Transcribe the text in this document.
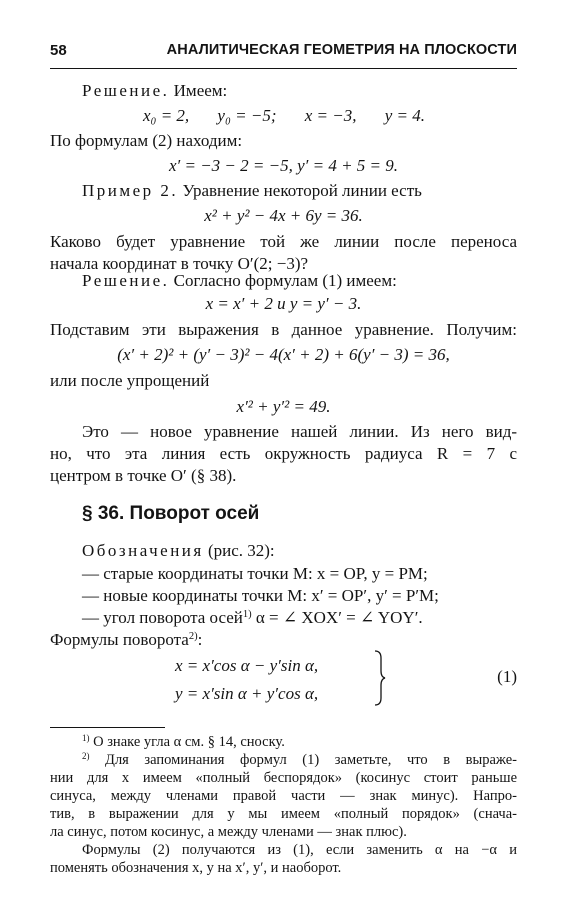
58	АНАЛИТИЧЕСКАЯ ГЕОМЕТРИЯ НА ПЛОСКОСТИ
Решение. Имеем:
x₀ = 2, y₀ = −5; x = −3, y = 4.
По формулам (2) находим:
x′ = −3 − 2 = −5, y′ = 4 + 5 = 9.
Пример 2. Уравнение некоторой линии есть
x² + y² − 4x + 6y = 36.
Каково будет уравнение той же линии после переноса
начала координат в точку O′(2; −3)?
Решение. Согласно формулам (1) имеем:
x = x′ + 2 и y = y′ − 3.
Подставим эти выражения в данное уравнение. Получим:
(x′ + 2)² + (y′ − 3)² − 4(x′ + 2) + 6(y′ − 3) = 36,
или после упрощений
x′² + y′² = 49.
Это — новое уравнение нашей линии. Из него вид-
но, что эта линия есть окружность радиуса R = 7 с
центром в точке O′ (§ 38).
§ 36. Поворот осей
Обозначения (рис. 32):
— старые координаты точки M: x = OP, y = PM;
— новые координаты точки M: x′ = OP′, y′ = P′M;
— угол поворота осей$^{1)}$ α = ∠ XOX′ = ∠ YOY′.
Формулы поворота$^{2)}$:
x = x′cos α − y′sin α,
y = x′sin α + y′cos α,
(1)
$^{1)}$ О знаке угла α см. § 14, сноску.
$^{2)}$ Для запоминания формул (1) заметьте, что в выраже-
нии для x имеем «полный беспорядок» (косинус стоит раньше
синуса, между членами правой части — знак минус). Напро-
тив, в выражении для y мы имеем «полный порядок» (снача-
ла синус, потом косинус, а между членами — знак плюс).
Формулы (2) получаются из (1), если заменить α на −α и
поменять обозначения x, y на x′, y′, и наоборот.
